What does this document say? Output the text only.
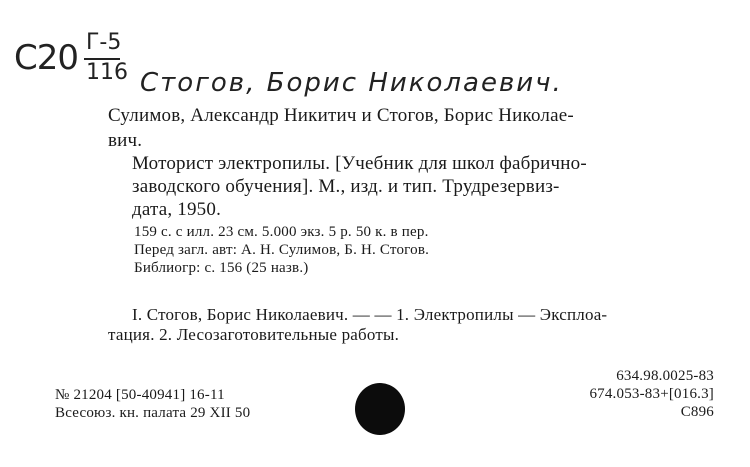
С20 Г-5
116 Стогов, Борис Николаевич.
Сулимов, Александр Никитич и Стогов, Борис Николае-
вич.
Моторист электропилы. [Учебник для школ фабрично-
заводского обучения]. М., изд. и тип. Трудрезервиз-
дата, 1950.
159 с. с илл. 23 см. 5.000 экз. 5 р. 50 к. в пер.
Перед загл. авт: А. Н. Сулимов, Б. Н. Стогов.
Библиогр: с. 156 (25 назв.)
I. Стогов, Борис Николаевич. — — 1. Электропилы — Эксплоа-
тация. 2. Лесозаготовительные работы.
№ 21204 [50-40941] 16-11
Всесоюз. кн. палата 29 XII 50
634.98.0025-83
674.053-83+[016.3]
С896
